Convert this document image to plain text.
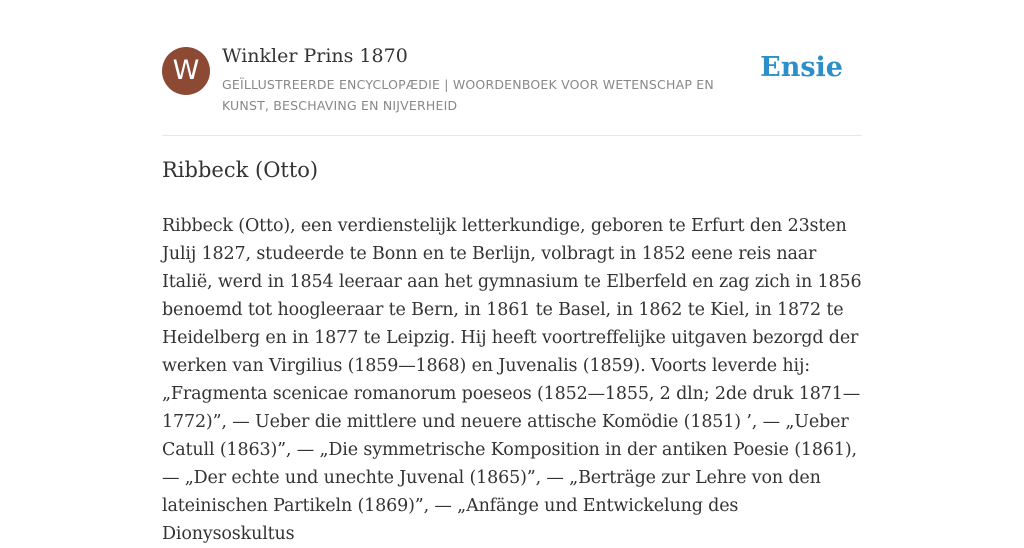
W	Winkler Prins 1870
GEÏLLUSTREERDE ENCYCLOPÆDIE | WOORDENBOEK VOOR WETENSCHAP EN KUNST, BESCHAVING EN NIJVERHEID
Ensie
Ribbeck (Otto)

Ribbeck (Otto), een verdienstelijk letterkundige, geboren te Erfurt den 23sten Julij 1827, studeerde te Bonn en te Berlijn, volbragt in 1852 eene reis naar Italië, werd in 1854 leeraar aan het gymnasium te Elberfeld en zag zich in 1856 benoemd tot hoogleeraar te Bern, in 1861 te Basel, in 1862 te Kiel, in 1872 te Heidelberg en in 1877 te Leipzig. Hij heeft voortreffelijke uitgaven bezorgd der werken van Virgilius (1859—1868) en Juvenalis (1859). Voorts leverde hij: „Fragmenta scenicae romanorum poeseos (1852—1855, 2 dln; 2de druk 1871—1772)”, — Ueber die mittlere und neuere attische Komödie (1851) ’, — „Ueber Catull (1863)”, — „Die symmetrische Komposition in der antiken Poesie (1861), — „Der echte und unechte Juvenal (1865)”, — „Berträge zur Lehre von den lateinischen Partikeln (1869)”, — „Anfänge und Entwickelung des Dionysoskultus
